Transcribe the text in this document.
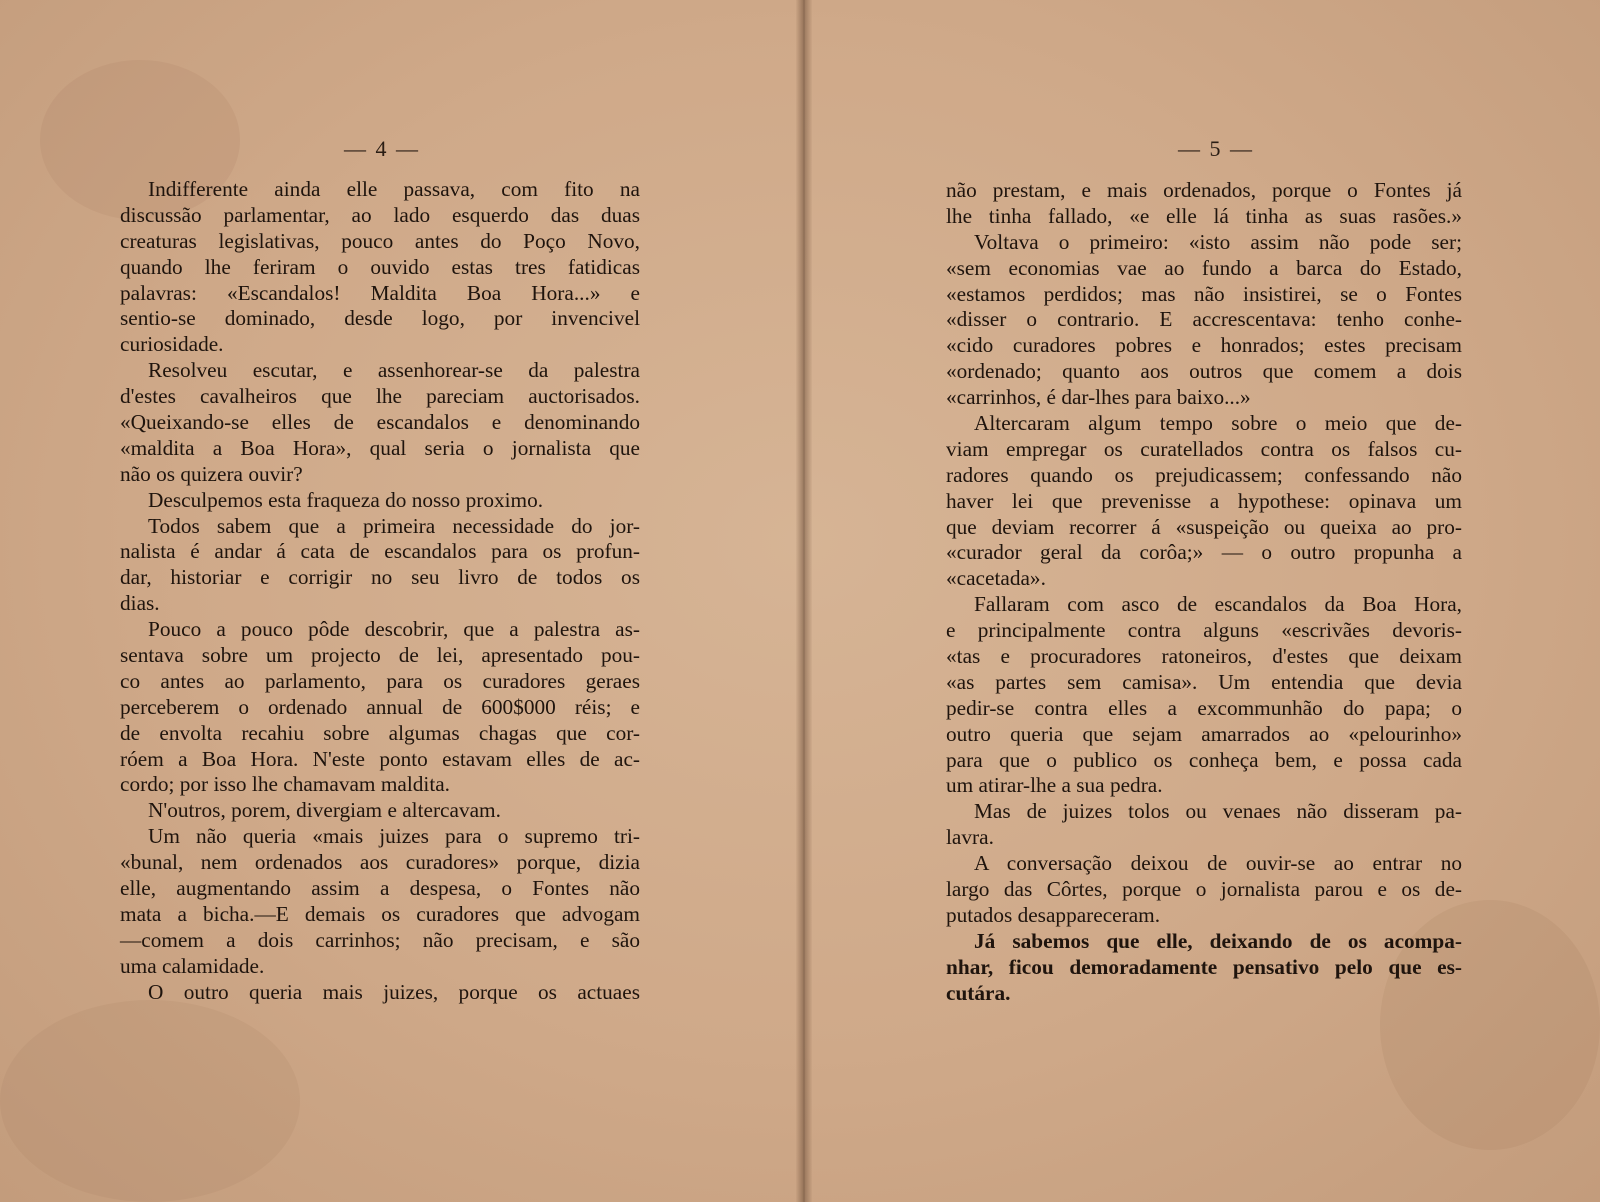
— 4 —
Indifferente ainda elle passava, com fito na
discussão parlamentar, ao lado esquerdo das duas
creaturas legislativas, pouco antes do Poço Novo,
quando lhe feriram o ouvido estas tres fatidicas
palavras: «Escandalos! Maldita Boa Hora...» e
sentio-se dominado, desde logo, por invencivel
curiosidade.
Resolveu escutar, e assenhorear-se da palestra
d'estes cavalheiros que lhe pareciam auctorisados.
«Queixando-se elles de escandalos e denominando
«maldita a Boa Hora», qual seria o jornalista que
não os quizera ouvir?
Desculpemos esta fraqueza do nosso proximo.
Todos sabem que a primeira necessidade do jor-
nalista é andar á cata de escandalos para os profun-
dar, historiar e corrigir no seu livro de todos os
dias.
Pouco a pouco pôde descobrir, que a palestra as-
sentava sobre um projecto de lei, apresentado pou-
co antes ao parlamento, para os curadores geraes
perceberem o ordenado annual de 600$000 réis; e
de envolta recahiu sobre algumas chagas que cor-
róem a Boa Hora. N'este ponto estavam elles de ac-
cordo; por isso lhe chamavam maldita.
N'outros, porem, divergiam e altercavam.
Um não queria «mais juizes para o supremo tri-
«bunal, nem ordenados aos curadores» porque, dizia
elle, augmentando assim a despesa, o Fontes não
mata a bicha.—E demais os curadores que advogam
—comem a dois carrinhos; não precisam, e são
uma calamidade.
O outro queria mais juizes, porque os actuaes
— 5 —
não prestam, e mais ordenados, porque o Fontes já
lhe tinha fallado, «e elle lá tinha as suas rasões.»
Voltava o primeiro: «isto assim não pode ser;
«sem economias vae ao fundo a barca do Estado,
«estamos perdidos; mas não insistirei, se o Fontes
«disser o contrario. E accrescentava: tenho conhe-
«cido curadores pobres e honrados; estes precisam
«ordenado; quanto aos outros que comem a dois
«carrinhos, é dar-lhes para baixo...»
Altercaram algum tempo sobre o meio que de-
viam empregar os curatellados contra os falsos cu-
radores quando os prejudicassem; confessando não
haver lei que prevenisse a hypothese: opinava um
que deviam recorrer á «suspeição ou queixa ao pro-
«curador geral da corôa;» — o outro propunha a
«cacetada».
Fallaram com asco de escandalos da Boa Hora,
e principalmente contra alguns «escrivães devoris-
«tas e procuradores ratoneiros, d'estes que deixam
«as partes sem camisa». Um entendia que devia
pedir-se contra elles a excommunhão do papa; o
outro queria que sejam amarrados ao «pelourinho»
para que o publico os conheça bem, e possa cada
um atirar-lhe a sua pedra.
Mas de juizes tolos ou venaes não disseram pa-
lavra.
A conversação deixou de ouvir-se ao entrar no
largo das Côrtes, porque o jornalista parou e os de-
putados desappareceram.
Já sabemos que elle, deixando de os acompa-
nhar, ficou demoradamente pensativo pelo que es-
cutára.
